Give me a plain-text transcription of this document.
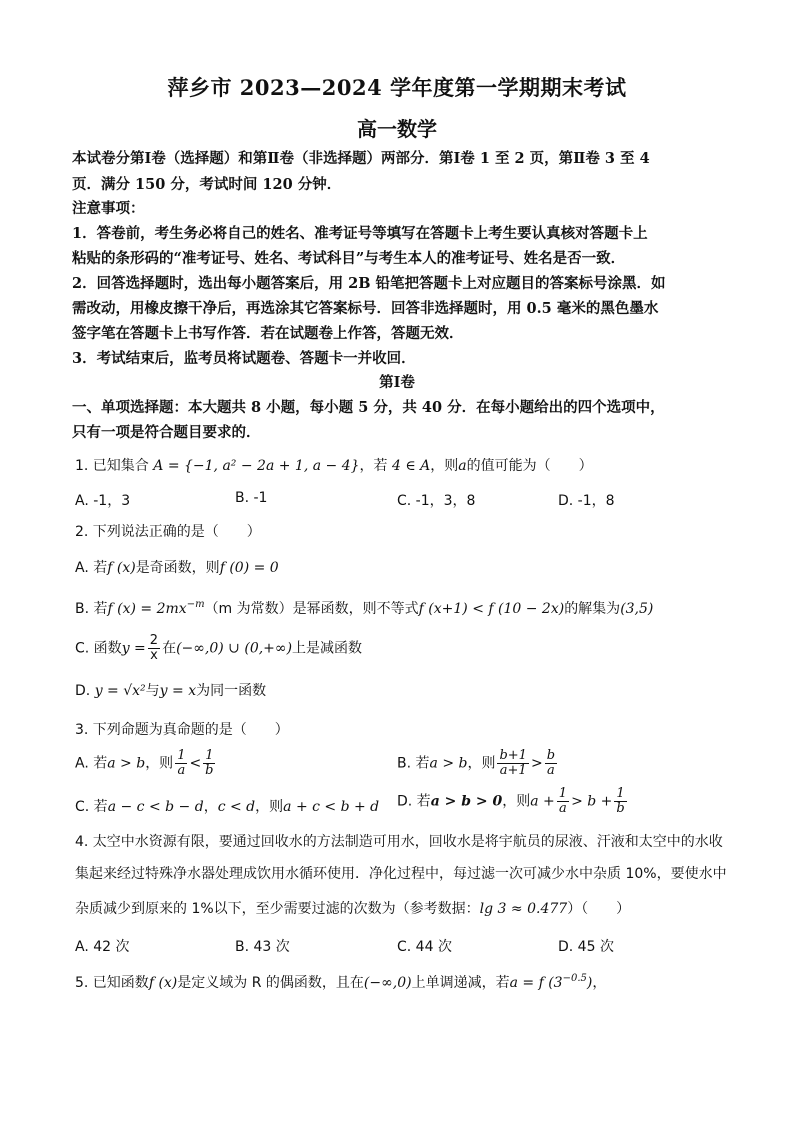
萍乡市 2023—2024 学年度第一学期期末考试
高一数学
本试卷分第Ⅰ卷（选择题）和第Ⅱ卷（非选择题）两部分．第Ⅰ卷 1 至 2 页，第Ⅱ卷 3 至 4
页．满分 150 分，考试时间 120 分钟．
注意事项：
1．答卷前，考生务必将自己的姓名、准考证号等填写在答题卡上考生要认真核对答题卡上
粘贴的条形码的“准考证号、姓名、考试科目”与考生本人的准考证号、姓名是否一致．
2．回答选择题时，选出每小题答案后，用 2B 铅笔把答题卡上对应题目的答案标号涂黑．如
需改动，用橡皮擦干净后，再选涂其它答案标号．回答非选择题时，用 0.5 毫米的黑色墨水
签字笔在答题卡上书写作答．若在试题卷上作答，答题无效．
3．考试结束后，监考员将试题卷、答题卡一并收回．
第Ⅰ卷
一、单项选择题：本大题共 8 小题，每小题 5 分，共 40 分．在每小题给出的四个选项中，
只有一项是符合题目要求的．
1. 已知集合 A = {−1, a² − 2a + 1, a − 4}，若 4 ∈ A，则a的值可能为（　　）
A. -1，3	B. -1	C. -1，3，8	D. -1，8
2. 下列说法正确的是（　　）
A. 若f (x)是奇函数，则f (0) = 0
B. 若f $(x) = 2mx^{-m}(m$ 为常数）是幂函数，则不等式f (x+1) < f (10 − 2x)的解集为(3,5)
C. 函数$y = \frac{2}{x}$ 在(−∞,0) ∪ (0,+∞)上是减函数
D. y = √x²与y = x为同一函数
3. 下列命题为真命题的是（　　）
A. 若a > b，则 $\frac{1}{a} < \frac{1}{b}$	B. 若a > b，则 $\frac{b+1}{a+1} > \frac{b}{a}$
C. 若a − c < b − d，c < d，则a + c < b + d D. 若a > b > 0，则$a + \frac{1}{a} > b + \frac{1}{b}$
4. 太空中水资源有限，要通过回收水的方法制造可用水，回收水是将宇航员的尿液、汗液和太空中的水收
集起来经过特殊净水器处理成饮用水循环使用．净化过程中，每过滤一次可减少水中杂质 10%，要使水中
杂质减少到原来的 1%以下，至少需要过滤的次数为（参考数据：lg 3 ≈ 0.477）（　　）
A. 42 次	B. 43 次	C. 44 次	D. 45 次
5. 已知函数f (x)是定义域为 R 的偶函数，且在(−∞,0)上单调递减，若a = f $(3^{-0.5})$，
